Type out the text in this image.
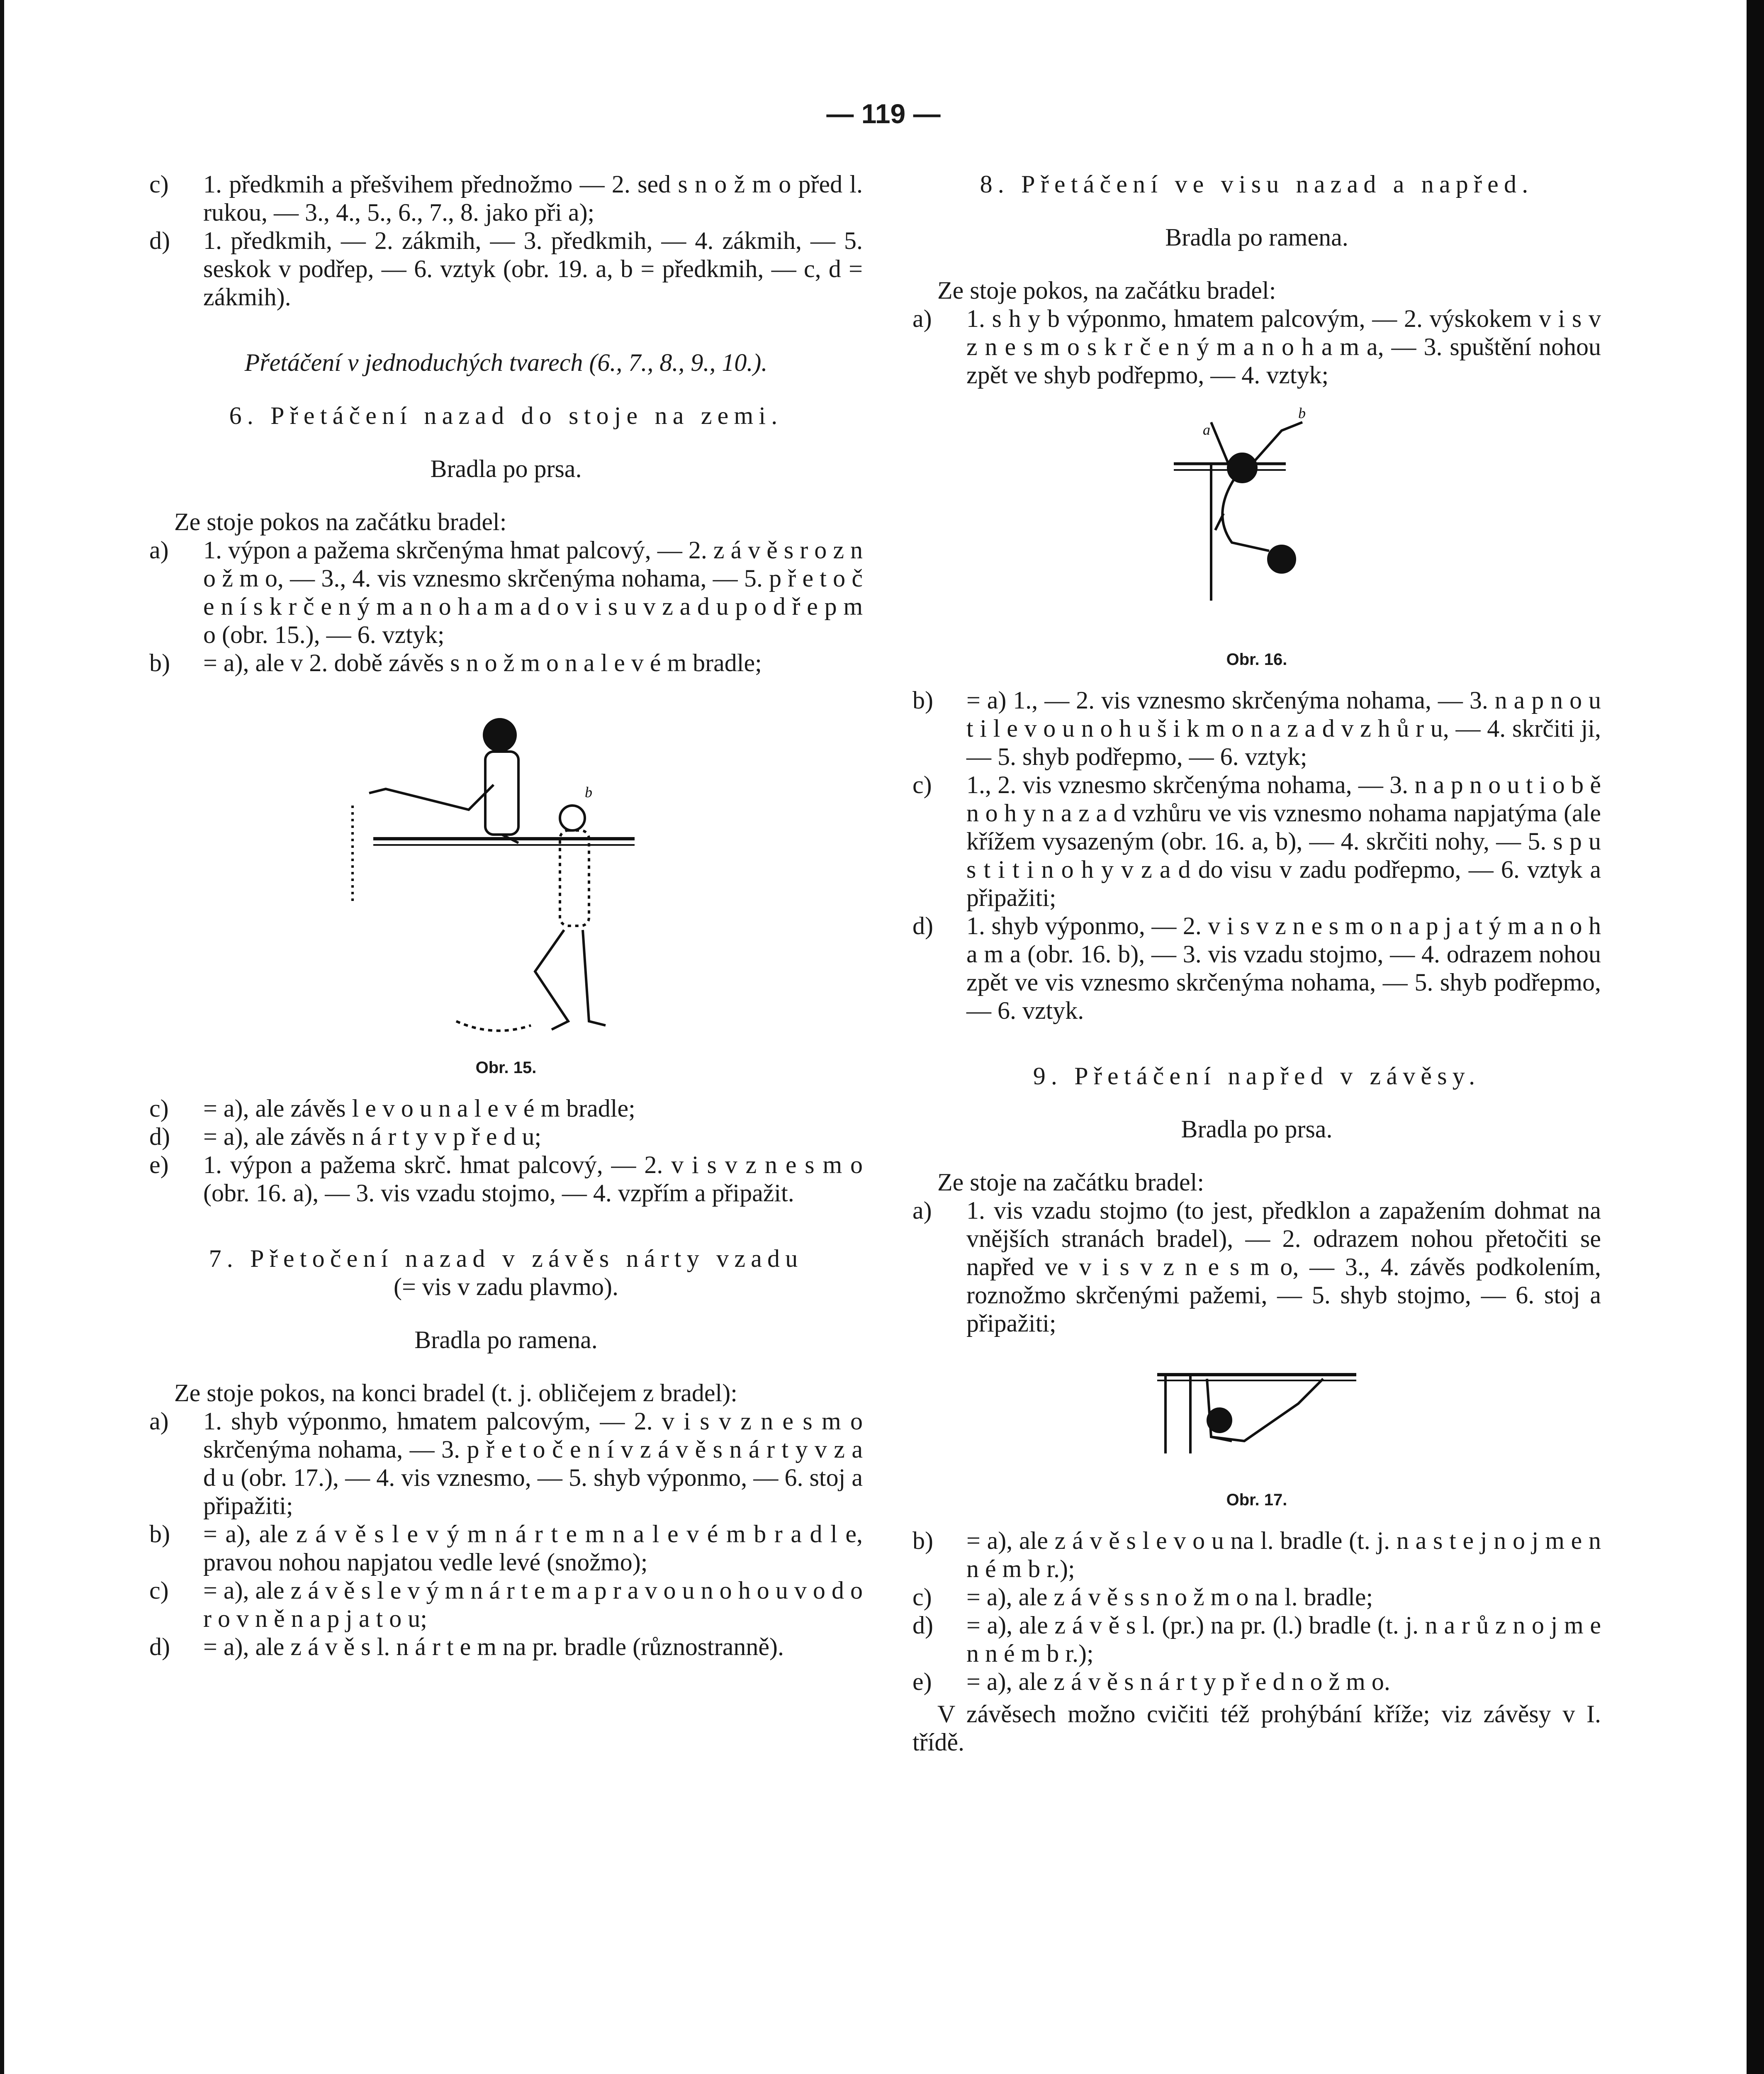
— 119 —
c)	1. předkmih a přešvihem přednožmo — 2. sed s n o ž m o před l. rukou, — 3., 4., 5., 6., 7., 8. jako při a);
d)	1. předkmih, — 2. zákmih, — 3. předkmih, — 4. zákmih, — 5. seskok v podřep, — 6. vztyk (obr. 19. a, b = předkmih, — c, d = zákmih).

Přetáčení v jednoduchých tvarech (6., 7., 8., 9., 10.).

6. Přetáčení nazad do stoje na zemi.

Bradla po prsa.

Ze stoje pokos na začátku bradel:

a)	1. výpon a pažema skrčenýma hmat palcový, — 2. z á v ě s r o z n o ž m o, — 3., 4. vis vznesmo skrčenýma nohama, — 5. p ř e t o č e n í s k r č e n ý m a n o h a m a d o v i s u v z a d u p o d ř e p m o (obr. 15.), — 6. vztyk;
b)	= a), ale v 2. době závěs s n o ž m o n a l e v é m bradle;
b
Obr. 15.
c)	= a), ale závěs l e v o u n a l e v é m bradle;
d)	= a), ale závěs n á r t y v p ř e d u;
e)	1. výpon a pažema skrč. hmat palcový, — 2. v i s v z n e s m o (obr. 16. a), — 3. vis vzadu stojmo, — 4. vzpřím a připažit.

7. Přetočení nazad v závěs nárty vzadu

(= vis v zadu plavmo).

Bradla po ramena.

Ze stoje pokos, na konci bradel (t. j. obličejem z bradel):

a)	1. shyb výponmo, hmatem palcovým, — 2. v i s v z n e s m o skrčenýma nohama, — 3. p ř e t o č e n í v z á v ě s n á r t y v z a d u (obr. 17.), — 4. vis vznesmo, — 5. shyb výponmo, — 6. stoj a připažiti;
b)	= a), ale z á v ě s l e v ý m n á r t e m n a l e v é m b r a d l e, pravou nohou napjatou vedle levé (snožmo);
c)	= a), ale z á v ě s l e v ý m n á r t e m a p r a v o u n o h o u v o d o r o v n ě n a p j a t o u;
d)	= a), ale z á v ě s l. n á r t e m na pr. bradle (různostranně).

8. Přetáčení ve visu nazad a napřed.

Bradla po ramena.

Ze stoje pokos, na začátku bradel:

a)	1. s h y b výponmo, hmatem palcovým, — 2. výskokem v i s v z n e s m o s k r č e n ý m a n o h a m a, — 3. spuštění nohou zpět ve shyb podřepmo, — 4. vztyk;
a
b
Obr. 16.
b)	= a) 1., — 2. vis vznesmo skrčenýma nohama, — 3. n a p n o u t i l e v o u n o h u š i k m o n a z a d v z h ů r u, — 4. skrčiti ji, — 5. shyb podřepmo, — 6. vztyk;
c)	1., 2. vis vznesmo skrčenýma nohama, — 3. n a p n o u t i o b ě n o h y n a z a d vzhůru ve vis vznesmo nohama napjatýma (ale křížem vysazeným (obr. 16. a, b), — 4. skrčiti nohy, — 5. s p u s t i t i n o h y v z a d do visu v zadu podřepmo, — 6. vztyk a připažiti;
d)	1. shyb výponmo, — 2. v i s v z n e s m o n a p j a t ý m a n o h a m a (obr. 16. b), — 3. vis vzadu stojmo, — 4. odrazem nohou zpět ve vis vznesmo skrčenýma nohama, — 5. shyb podřepmo, — 6. vztyk.

9. Přetáčení napřed v závěsy.

Bradla po prsa.

Ze stoje na začátku bradel:

a)	1. vis vzadu stojmo (to jest, předklon a zapažením dohmat na vnějších stranách bradel), — 2. odrazem nohou přetočiti se napřed ve v i s v z n e s m o, — 3., 4. závěs podkolením, roznožmo skrčenými pažemi, — 5. shyb stojmo, — 6. stoj a připažiti;
Obr. 17.
b)	= a), ale z á v ě s l e v o u na l. bradle (t. j. n a s t e j n o j m e n n é m b r.);
c)	= a), ale z á v ě s s n o ž m o na l. bradle;
d)	= a), ale z á v ě s l. (pr.) na pr. (l.) bradle (t. j. n a r ů z n o j m e n n é m b r.);
e)	= a), ale z á v ě s n á r t y p ř e d n o ž m o.

V závěsech možno cvičiti též prohýbání kříže; viz závěsy v I. třídě.
